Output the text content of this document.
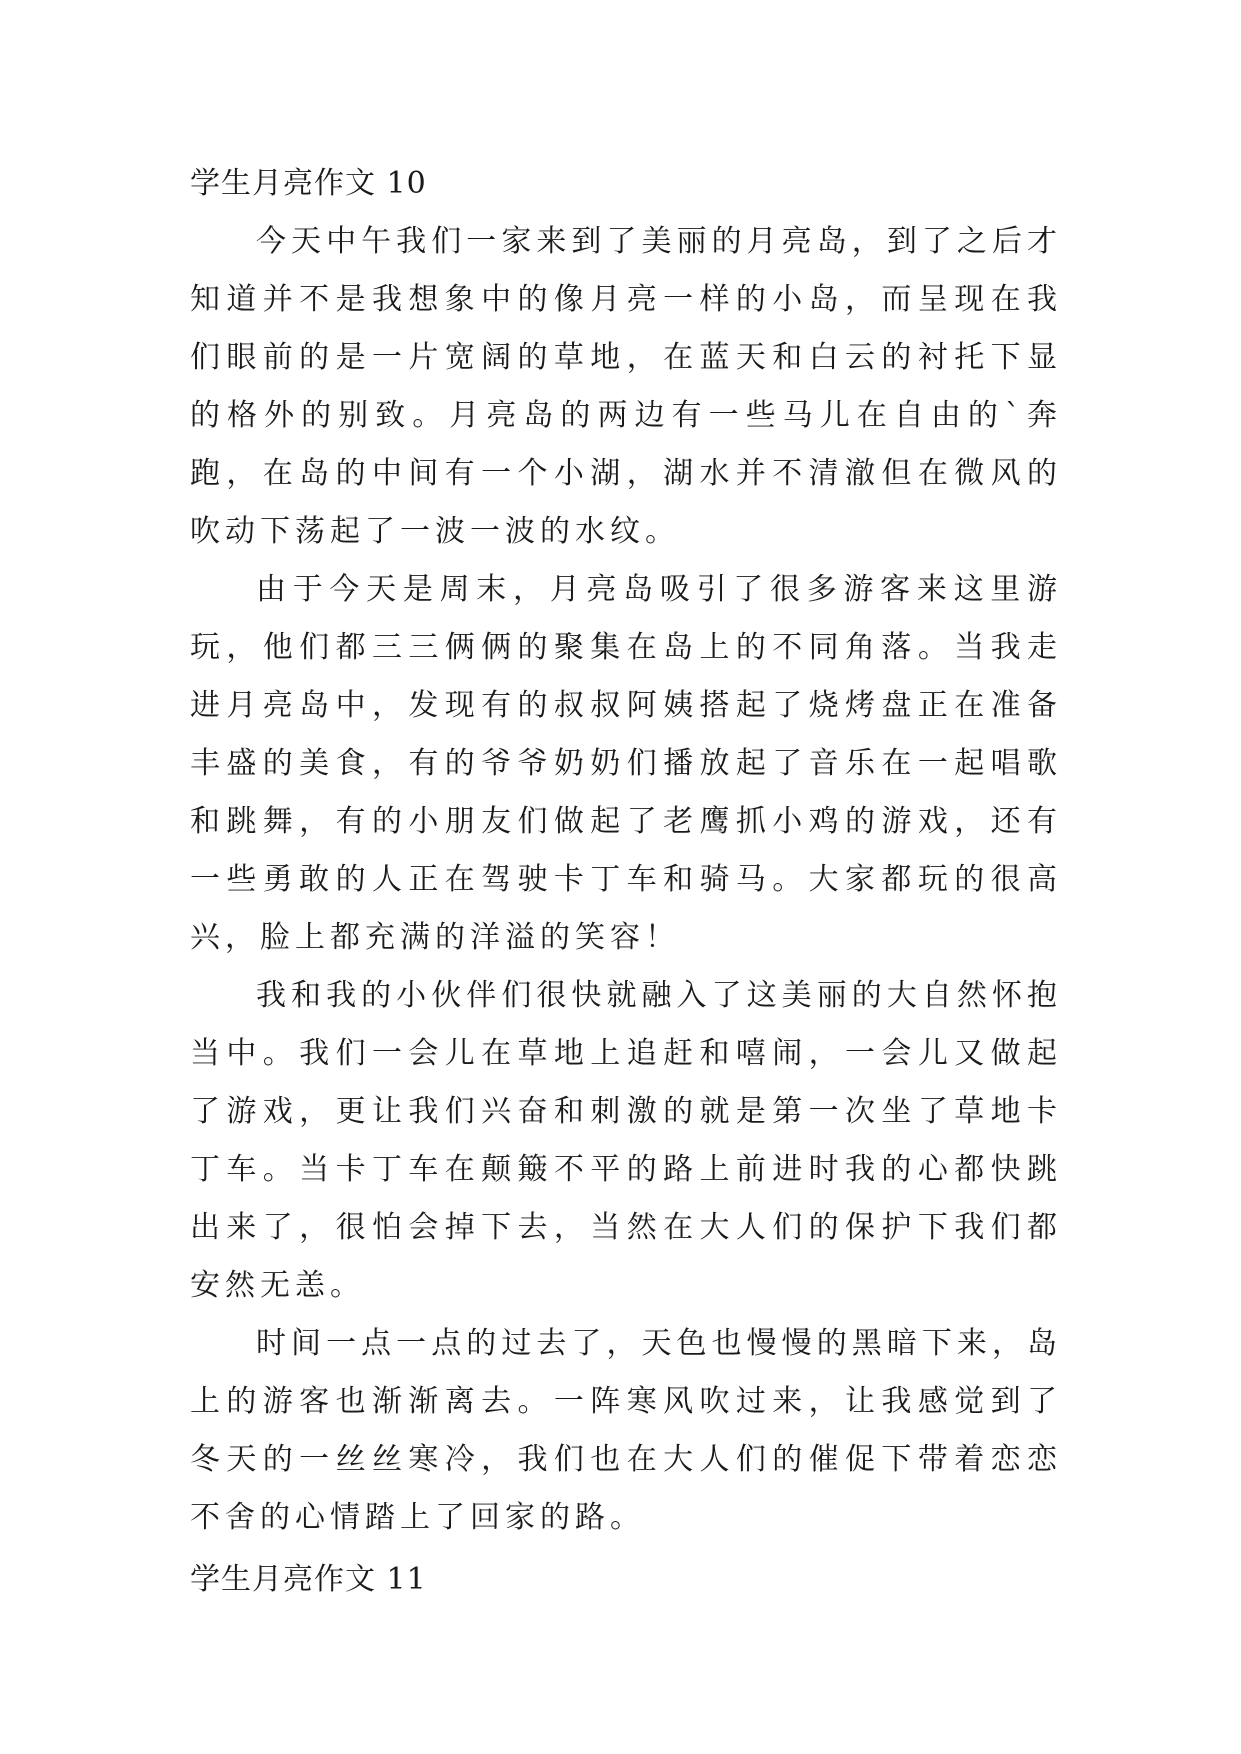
学生月亮作文 10

今天中午我们一家来到了美丽的月亮岛，到了之后才知道并不是我想象中的像月亮一样的小岛，而呈现在我们眼前的是一片宽阔的草地，在蓝天和白云的衬托下显的格外的别致。月亮岛的两边有一些马儿在自由的`奔跑，在岛的中间有一个小湖，湖水并不清澈但在微风的吹动下荡起了一波一波的水纹。

由于今天是周末，月亮岛吸引了很多游客来这里游玩，他们都三三俩俩的聚集在岛上的不同角落。当我走进月亮岛中，发现有的叔叔阿姨搭起了烧烤盘正在准备丰盛的美食，有的爷爷奶奶们播放起了音乐在一起唱歌和跳舞，有的小朋友们做起了老鹰抓小鸡的游戏，还有一些勇敢的人正在驾驶卡丁车和骑马。大家都玩的很高兴，脸上都充满的洋溢的笑容！

我和我的小伙伴们很快就融入了这美丽的大自然怀抱当中。我们一会儿在草地上追赶和嘻闹，一会儿又做起了游戏，更让我们兴奋和刺激的就是第一次坐了草地卡丁车。当卡丁车在颠簸不平的路上前进时我的心都快跳出来了，很怕会掉下去，当然在大人们的保护下我们都安然无恙。

时间一点一点的过去了，天色也慢慢的黑暗下来，岛上的游客也渐渐离去。一阵寒风吹过来，让我感觉到了冬天的一丝丝寒冷，我们也在大人们的催促下带着恋恋不舍的心情踏上了回家的路。

学生月亮作文 11
